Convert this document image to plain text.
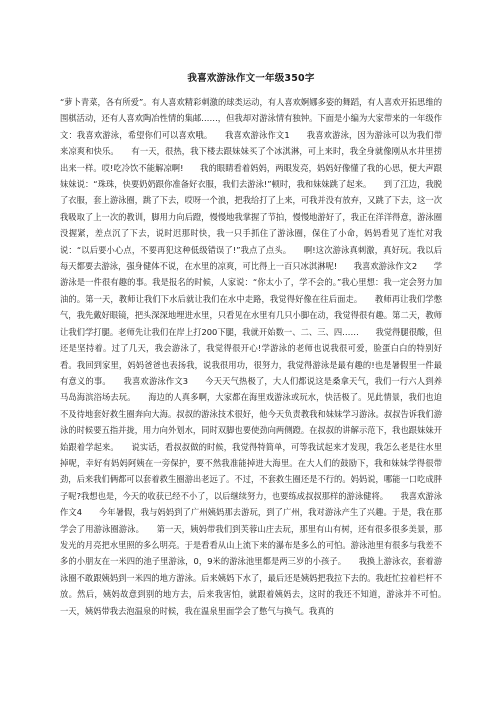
我喜欢游泳作文一年级350字

“萝卜青菜，各有所爱”。有人喜欢精彩刺激的球类运动，有人喜欢婀娜多姿的舞蹈，有人喜欢开拓思维的围棋活动，还有人喜欢陶冶性情的集邮……，但我却对游泳情有独钟。下面是小编为大家带来的一年级作文：我喜欢游泳，希望你们可以喜欢哦。　　我喜欢游泳作文1　　我喜欢游泳，因为游泳可以为我们带来凉爽和快乐。　　有一天，很热，我下楼去跟妹妹买了个冰淇淋，可上来时，我全身就像刚从水井里捞出来一样。哎!吃冷饮不能解凉啊!　　我的眼睛看着妈妈，两眼发亮，妈妈好像懂了我的心思，便大声跟妹妹说：“珠珠，快要奶奶跟你准备好衣服，我们去游泳!”顿时，我和妹妹跳了起来。　　到了江边，我脱了衣服，套上游泳圈，跳了下去，哎呀一个浪，把我给打了上来，可我并没有放弃，又跳了下去，这一次我吸取了上一次的教训，脚用力向后蹬，慢慢地我掌握了节拍，慢慢地游好了，我正在洋洋得意，游泳圈没握紧，差点沉了下去，说时迟那时快，我一只手抓住了游泳圈，保住了小命，妈妈看见了连忙对我说：“以后要小心点，不要再犯这种低级错误了!”我点了点头。　　啊!这次游泳真刺激，真好玩。我以后每天都要去游泳，强身健体不说，在水里的凉爽，可比得上一百只冰淇淋呢!　　我喜欢游泳作文2　　学游泳是一件很有趣的事。我是报名的时候，人家说：“你太小了，学不会的。”我心里想：我一定会努力加油的。第一天，教师让我们下水后就让我们在水中走路，我觉得好像在往后面走。　　教师再让我们学憋气，我先戴好眼镜，把头深深地埋进水里，只看见在水里有几只小脚在动，我觉得很有趣。第二天，教师让我们学打腿。老师先让我们在岸上打200下腿，我就开始数一、二、三、四……　　我觉得腿很酸，但还是坚持着。过了几天，我会游泳了，我觉得很开心!学游泳的老师也说我很可爱，脸蛋白白的特别好看。我回到家里，妈妈爸爸也表扬我，说我很用功，很努力，我觉得游泳是最有趣的!也是暑假里一件最有意义的事。　　我喜欢游泳作文3　　今天天气热极了，大人们都说这是桑拿天气，我们一行六人到养马岛海滨浴场去玩。　　海边的人真多啊，大家都在海里戏游泳或玩水，快活极了。见此情景，我们也迫不及待地套好救生圈奔向大海。叔叔的游泳技术很好，他今天负责教我和妹妹学习游泳。叔叔告诉我们游泳的时候要五指并拢，用力向外划水，同时双脚也要使劲向两侧蹬。在叔叔的讲解示范下，我也跟妹妹开始跟着学起来。　　说实话，看叔叔做的时候，我觉得特简单，可等我试起来才发现，我怎么老是往水里掉呢，幸好有妈妈阿姨在一旁保护，要不然我准能掉进大海里。在大人们的鼓励下，我和妹妹学得很带劲，后来我们俩都可以套着救生圈游出老远了。不过，不套救生圈还是不行的。妈妈说，哪能一口吃成胖子呢?我想也是，今天的收获已经不小了，以后继续努力，也要练成叔叔那样的游泳健将。　　我喜欢游泳作文4　　今年暑假，我与妈妈到了广州姨妈那去游玩，到了广州，我对游泳产生了兴趣。于是，我在那学会了用游泳圈游泳。　　第一天，姨妈带我们到芙蓉山庄去玩，那里有山有树，还有很多很多美景，那发光的月亮把水里照的多么明亮。于是看看从山上流下来的瀑布是多么的可怕。游泳池里有很多与我差不多的小朋友在一米四的池子里游泳，0，9米的游泳池里都是两三岁的小孩子。　　我换上游泳衣，套着游泳圈不敢跟姨妈到一米四的地方游泳。后来姨妈下水了，最后还是姨妈把我拉下去的。我赶忙拉着栏杆不放。然后，姨妈故意到别的地方去，后来我害怕，就跟着姨妈去，这时的我还不知道，游泳并不可怕。　　一天，姨妈带我去泡温泉的时候，我在温泉里面学会了憋气与换气。我真的
